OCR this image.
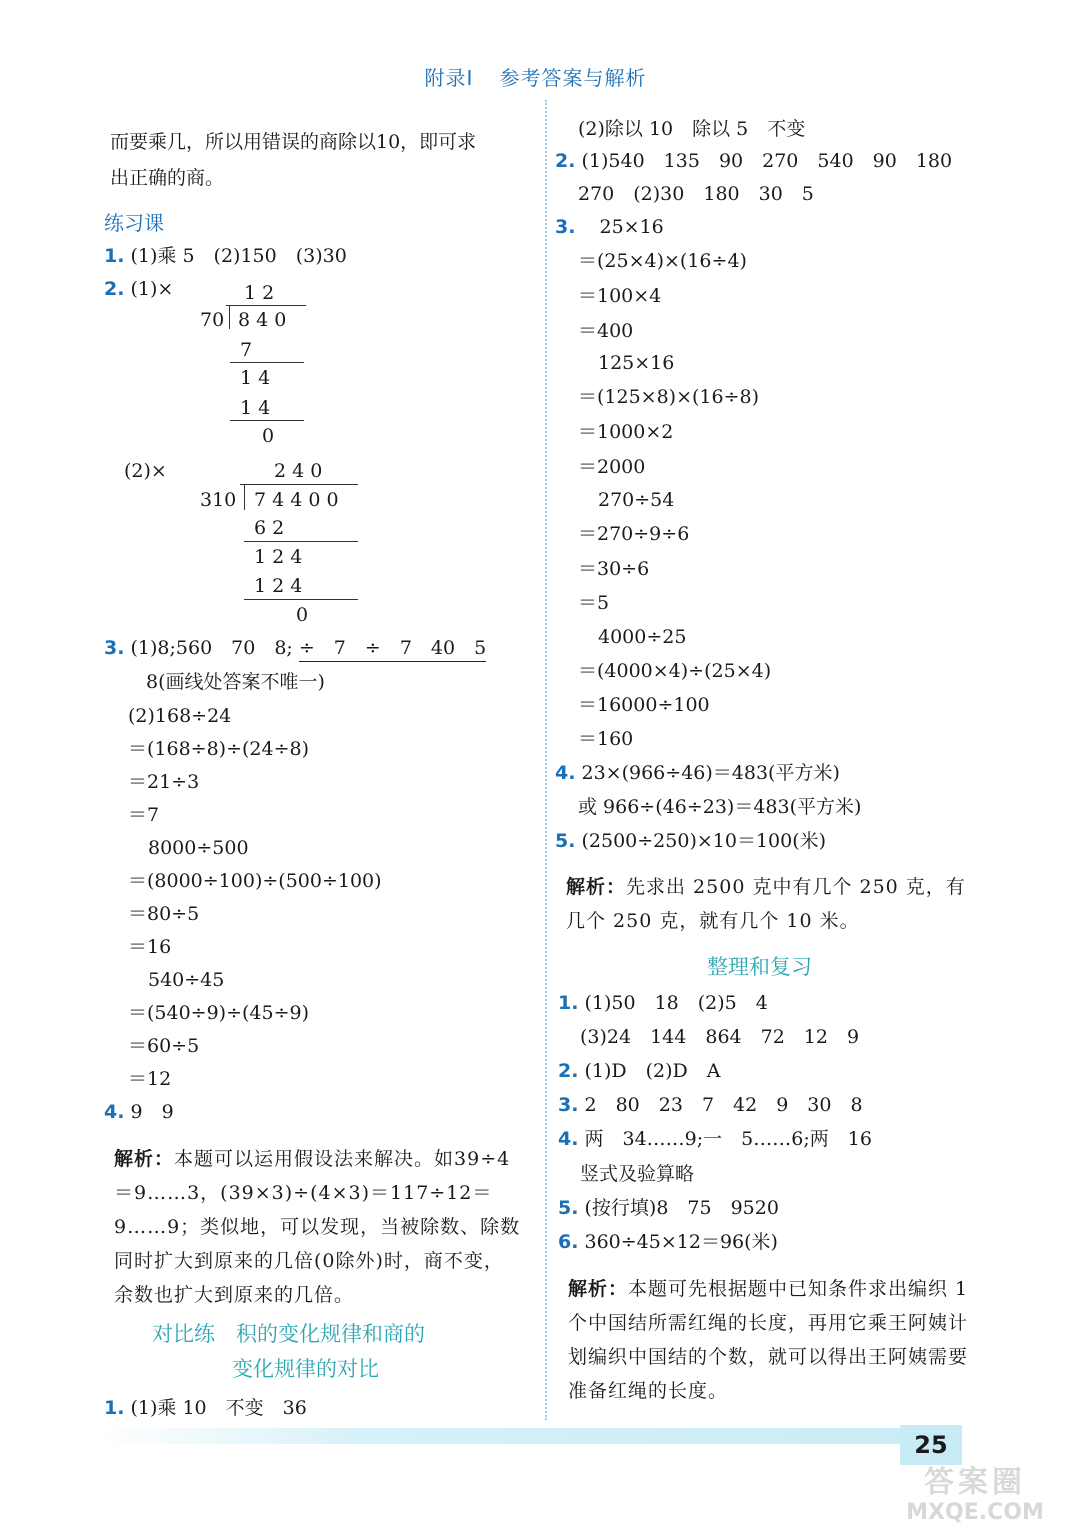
附录Ⅰ 参考答案与解析
而要乘几，所以用错误的商除以10，即可求
出正确的商。
练习课
1. (1)乘 5　(2)150　(3)30
2. (1)×	1 2
70 8 4 0
7
1 4
1 4
0
(2)×	2 4 0
310 7 4 4 0 0
6 2
1 2 4
1 2 4
0
3. (1)8;560　70　8; ÷　7　÷　7　40　5
8(画线处答案不唯一)
(2)168÷24
＝(168÷8)÷(24÷8)
＝21÷3
＝7
8000÷500
＝(8000÷100)÷(500÷100)
＝80÷5
＝16
540÷45
＝(540÷9)÷(45÷9)
＝60÷5
＝12
4. 9　9
解析：本题可以运用假设法来解决。如39÷4＝9……3，(39×3)÷(4×3)＝117÷12＝9……9；类似地，可以发现，当被除数、除数同时扩大到原来的几倍(0除外)时，商不变，余数也扩大到原来的几倍。
对比练　积的变化规律和商的
变化规律的对比
1. (1)乘 10　不变　36
(2)除以 10　除以 5　不变
2. (1)540　135　90　270　540　90　180
270　(2)30　180　30　5
3. 25×16
＝(25×4)×(16÷4)
＝100×4
＝400
125×16
＝(125×8)×(16÷8)
＝1000×2
＝2000
270÷54
＝270÷9÷6
＝30÷6
＝5
4000÷25
＝(4000×4)÷(25×4)
＝16000÷100
＝160
4. 23×(966÷46)＝483(平方米)
或 966÷(46÷23)＝483(平方米)
5. (2500÷250)×10＝100(米)
解析：先求出 2500 克中有几个 250 克，有几个 250 克，就有几个 10 米。
整理和复习
1. (1)50　18　(2)5　4
(3)24　144　864　72　12　9
2. (1)D　(2)D　A
3. 2　80　23　7　42　9　30　8
4. 两　34……9;一　5……6;两　16
竖式及验算略
5. (按行填)8　75　9520
6. 360÷45×12＝96(米)
解析：本题可先根据题中已知条件求出编织 1 个中国结所需红绳的长度，再用它乘王阿姨计划编织中国结的个数，就可以得出王阿姨需要准备红绳的长度。
25
答案圈
MXQE.COM
